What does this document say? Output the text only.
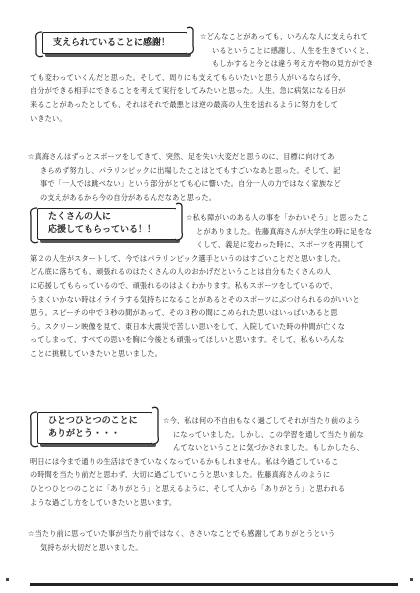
支えられていることに感謝！
☆どんなことがあっても、いろんな人に支えられて
いるということに感謝し、人生を生きていくと、
もしかすると今とは違う考え方や物の見方ができ
ても変わっていくんだと思った。そして、周りにも支えてもらいたいと思う人がいるならば今、
自分ができる相手にできることを考えて実行をしてみたいと思った。人生、急に病気になる日が
来ることがあったとしても、それはそれで最悪とは逆の最高の人生を送れるように努力をして
いきたい。
☆真海さんはずっとスポーツをしてきて、突然、足を失い大変だと思うのに、目標に向けてあ
きらめず努力し、パラリンピックに出場したことはとてもすごいなあと思った。そして、記
事で「一人では跳べない」という部分がとても心に響いた。自分一人の力ではなく家族など
の支えがあるから今の自分があるんだなあと思った。
たくさんの人に
応援してもらっている！！
☆私も障がいのある人の事を「かわいそう」と思ったこ
とがありました。佐藤真海さんが大学生の時に足をな
くして、義足に変わった時に、スポーツを再開して
第２の人生がスタートして、今ではパラリンピック選手というのはすごいことだと思いました。
どん底に落ちても、頑張れるのはたくさんの人のおかげだということは自分もたくさんの人
に応援してもらっているので、頑張れるのはよくわかります。私もスポーツをしているので、
うまくいかない時はイライラする気持ちになることがあるとそのスポーツにぶつけられるのがいいと
思う。スピーチの中で３秒の間があって、その３秒の間にこめられた思いはいっぱいあると思
う。スクリーン映像を見て、東日本大震災で苦しい思いをして、入院していた時の仲間が亡くな
ってしまって、すべての思いを胸に今後とも頑張ってほしいと思います。そして、私もいろんな
ことに挑戦していきたいと思いました。
ひとつひとつのことに
ありがとう・・・
☆今、私は何の不自由もなく過ごしてそれが当たり前のよう
になっていました。しかし、この学習を通して当たり前な
んてないということに気づかされました。もしかしたら、
明日には今まで通りの生活はできていなくなっているかもしれません。私は今過ごしているこ
の時間を当たり前だと思わず、大切に過ごしていこうと思いました。佐藤真海さんのように
ひとつひとつのことに「ありがとう」と思えるように、そして人から「ありがとう」と思われる
ような過ごし方をしていきたいと思います。
☆当たり前に思っていた事が当たり前ではなく、ささいなことでも感謝してありがとうという
気持ちが大切だと思いました。
